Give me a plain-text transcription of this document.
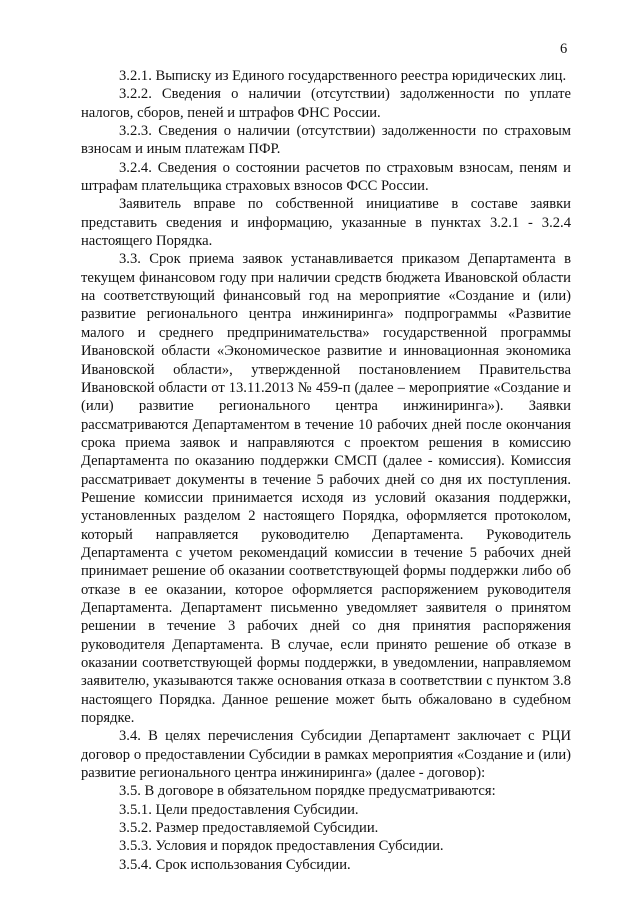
6

3.2.1. Выписку из Единого государственного реестра юридических лиц.

3.2.2. Сведения о наличии (отсутствии) задолженности по уплате налогов, сборов, пеней и штрафов ФНС России.

3.2.3. Сведения о наличии (отсутствии) задолженности по страховым взносам и иным платежам ПФР.

3.2.4. Сведения о состоянии расчетов по страховым взносам, пеням и штрафам плательщика страховых взносов ФСС России.

Заявитель вправе по собственной инициативе в составе заявки представить сведения и информацию, указанные в пунктах 3.2.1 - 3.2.4 настоящего Порядка.

3.3. Срок приема заявок устанавливается приказом Департамента в текущем финансовом году при наличии средств бюджета Ивановской области на соответствующий финансовый год на мероприятие «Создание и (или) развитие регионального центра инжиниринга» подпрограммы «Развитие малого и среднего предпринимательства» государственной программы Ивановской области «Экономическое развитие и инновационная экономика Ивановской области», утвержденной постановлением Правительства Ивановской области от 13.11.2013 № 459-п (далее – мероприятие «Создание и (или) развитие регионального центра инжиниринга»). Заявки рассматриваются Департаментом в течение 10 рабочих дней после окончания срока приема заявок и направляются с проектом решения в комиссию Департамента по оказанию поддержки СМСП (далее - комиссия). Комиссия рассматривает документы в течение 5 рабочих дней со дня их поступления. Решение комиссии принимается исходя из условий оказания поддержки, установленных разделом 2 настоящего Порядка, оформляется протоколом, который направляется руководителю Департамента. Руководитель Департамента с учетом рекомендаций комиссии в течение 5 рабочих дней принимает решение об оказании соответствующей формы поддержки либо об отказе в ее оказании, которое оформляется распоряжением руководителя Департамента. Департамент письменно уведомляет заявителя о принятом решении в течение 3 рабочих дней со дня принятия распоряжения руководителя Департамента. В случае, если принято решение об отказе в оказании соответствующей формы поддержки, в уведомлении, направляемом заявителю, указываются также основания отказа в соответствии с пунктом 3.8 настоящего Порядка. Данное решение может быть обжаловано в судебном порядке.

3.4. В целях перечисления Субсидии Департамент заключает с РЦИ договор о предоставлении Субсидии в рамках мероприятия «Создание и (или) развитие регионального центра инжиниринга» (далее - договор):

3.5. В договоре в обязательном порядке предусматриваются:

3.5.1. Цели предоставления Субсидии.

3.5.2. Размер предоставляемой Субсидии.

3.5.3. Условия и порядок предоставления Субсидии.

3.5.4. Срок использования Субсидии.
